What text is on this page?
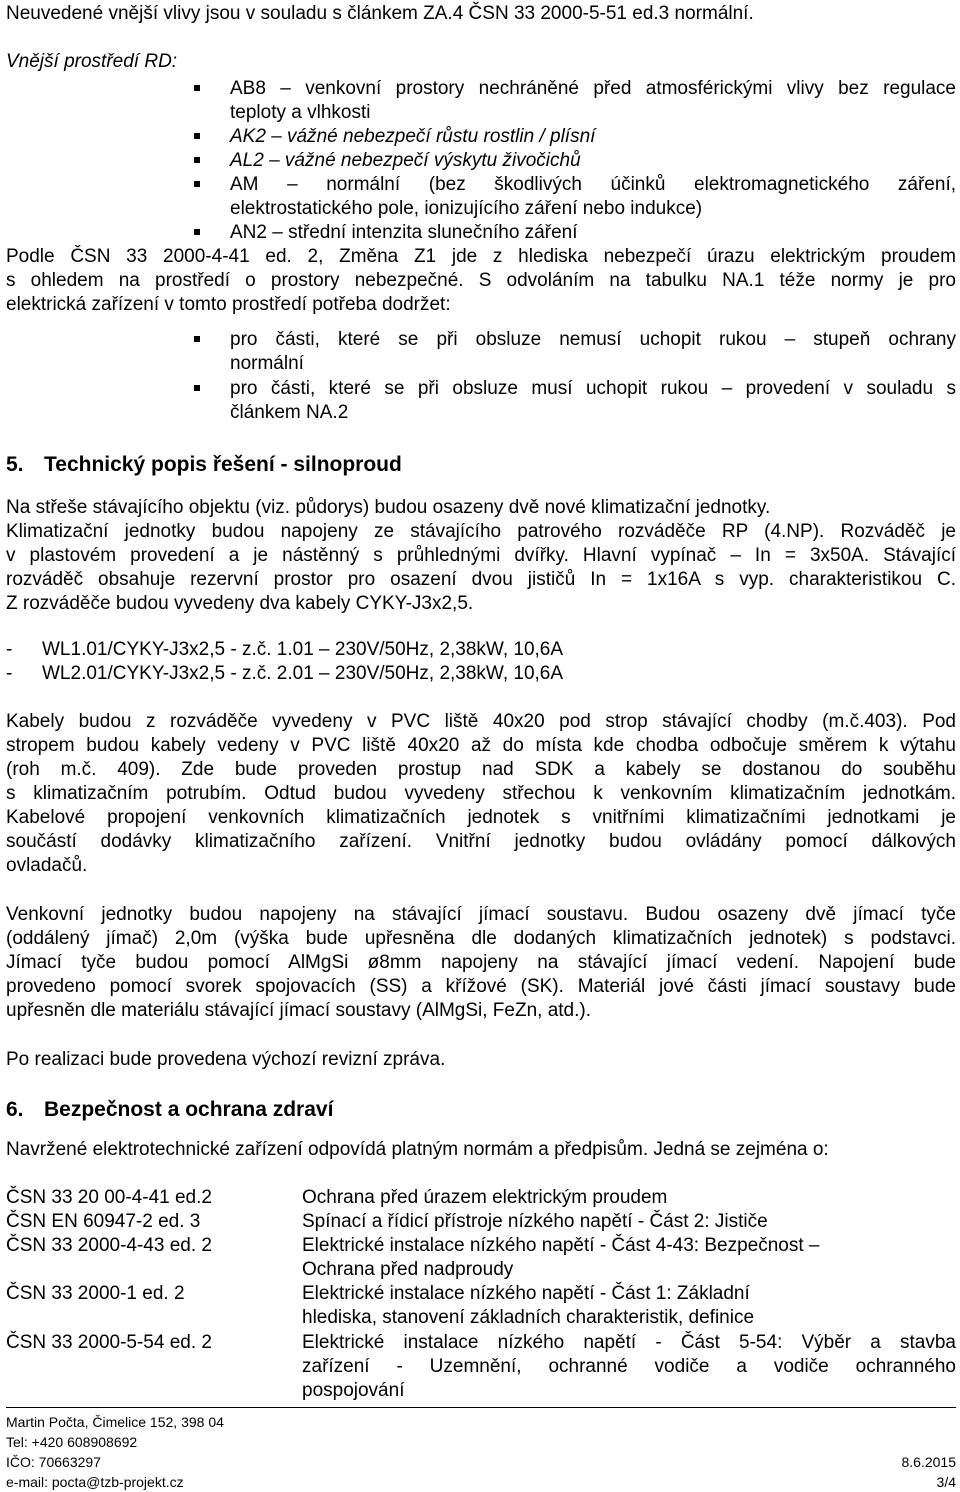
Neuvedené vnější vlivy jsou v souladu s článkem ZA.4 ČSN 33 2000-5-51 ed.3 normální.
Vnější prostředí RD:
AB8 – venkovní prostory nechráněné před atmosférickými vlivy bez regulace
teploty a vlhkosti
AK2 – vážné nebezpečí růstu rostlin / plísní
AL2 – vážné nebezpečí výskytu živočichů
AM – normální (bez škodlivých účinků elektromagnetického záření,
elektrostatického pole, ionizujícího záření nebo indukce)
AN2 – střední intenzita slunečního záření
Podle ČSN 33 2000-4-41 ed. 2, Změna Z1 jde z hlediska nebezpečí úrazu elektrickým proudem
s ohledem na prostředí o prostory nebezpečné. S odvoláním na tabulku NA.1 téže normy je pro
elektrická zařízení v tomto prostředí potřeba dodržet:
pro části, které se při obsluze nemusí uchopit rukou – stupeň ochrany
normální
pro části, které se při obsluze musí uchopit rukou – provedení v souladu s
článkem NA.2
5. Technický popis řešení - silnoproud
Na střeše stávajícího objektu (viz. půdorys) budou osazeny dvě nové klimatizační jednotky.
Klimatizační jednotky budou napojeny ze stávajícího patrového rozváděče RP (4.NP). Rozváděč je
v plastovém provedení a je nástěnný s průhlednými dvířky. Hlavní vypínač – In = 3x50A. Stávající
rozváděč obsahuje rezervní prostor pro osazení dvou jističů In = 1x16A s vyp. charakteristikou C.
Z rozváděče budou vyvedeny dva kabely CYKY-J3x2,5.
- WL1.01/CYKY-J3x2,5 - z.č. 1.01 – 230V/50Hz, 2,38kW, 10,6A
- WL2.01/CYKY-J3x2,5 - z.č. 2.01 – 230V/50Hz, 2,38kW, 10,6A
Kabely budou z rozváděče vyvedeny v PVC liště 40x20 pod strop stávající chodby (m.č.403). Pod
stropem budou kabely vedeny v PVC liště 40x20 až do místa kde chodba odbočuje směrem k výtahu
(roh m.č. 409). Zde bude proveden prostup nad SDK a kabely se dostanou do souběhu
s klimatizačním potrubím. Odtud budou vyvedeny střechou k venkovním klimatizačním jednotkám.
Kabelové propojení venkovních klimatizačních jednotek s vnitřními klimatizačními jednotkami je
součástí dodávky klimatizačního zařízení. Vnitřní jednotky budou ovládány pomocí dálkových
ovladačů.
Venkovní jednotky budou napojeny na stávající jímací soustavu. Budou osazeny dvě jímací tyče
(oddálený jímač) 2,0m (výška bude upřesněna dle dodaných klimatizačních jednotek) s podstavci.
Jímací tyče budou pomocí AlMgSi ø8mm napojeny na stávající jímací vedení. Napojení bude
provedeno pomocí svorek spojovacích (SS) a křížové (SK). Materiál jové části jímací soustavy bude
upřesněn dle materiálu stávající jímací soustavy (AlMgSi, FeZn, atd.).
Po realizaci bude provedena výchozí revizní zpráva.
6. Bezpečnost a ochrana zdraví
Navržené elektrotechnické zařízení odpovídá platným normám a předpisům. Jedná se zejména o:
ČSN 33 20 00-4-41 ed.2	Ochrana před úrazem elektrickým proudem
ČSN EN 60947-2 ed. 3	Spínací a řídicí přístroje nízkého napětí - Část 2: Jističe
ČSN 33 2000-4-43 ed. 2	Elektrické instalace nízkého napětí - Část 4-43: Bezpečnost –
Ochrana před nadproudy
ČSN 33 2000-1 ed. 2	Elektrické instalace nízkého napětí - Část 1: Základní
hlediska, stanovení základních charakteristik, definice
ČSN 33 2000-5-54 ed. 2	Elektrické instalace nízkého napětí - Část 5-54: Výběr a stavba
zařízení - Uzemnění, ochranné vodiče a vodiče ochranného
pospojování
Martin Počta, Čimelice 152, 398 04
Tel: +420 608908692
IČO: 70663297	8.6.2015
e-mail: pocta@tzb-projekt.cz	3/4
